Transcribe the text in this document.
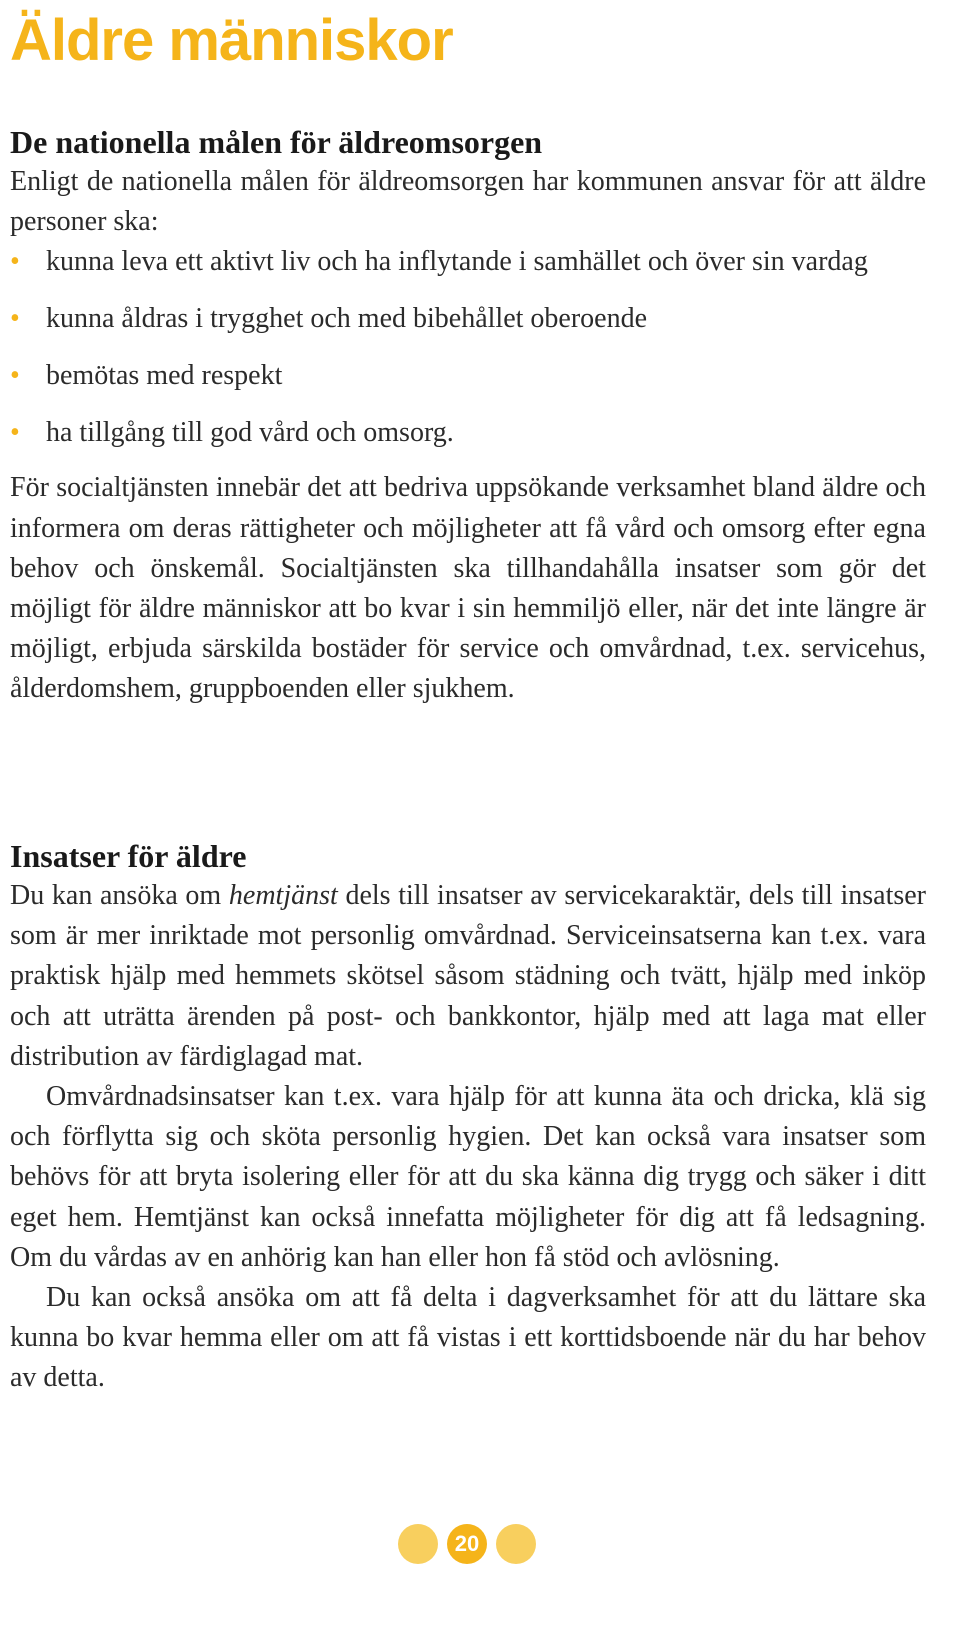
Äldre människor
De nationella målen för äldreomsorgen

Enligt de nationella målen för äldreomsorgen har kommunen ansvar för att äldre personer ska:

• kunna leva ett aktivt liv och ha inflytande i samhället och över sin vardag
• kunna åldras i trygghet och med bibehållet oberoende
• bemötas med respekt
• ha tillgång till god vård och omsorg.

För socialtjänsten innebär det att bedriva uppsökande verksamhet bland äldre och informera om deras rättigheter och möjligheter att få vård och omsorg efter egna behov och önskemål. Socialtjänsten ska tillhandahålla insatser som gör det möjligt för äldre människor att bo kvar i sin hemmiljö eller, när det inte längre är möjligt, erbjuda särskilda bostäder för service och omvårdnad, t.ex. servicehus, ålderdomshem, gruppboenden eller sjukhem.

Insatser för äldre

Du kan ansöka om hemtjänst dels till insatser av servicekaraktär, dels till insatser som är mer inriktade mot personlig omvårdnad. Serviceinsatserna kan t.ex. vara praktisk hjälp med hemmets skötsel såsom städning och tvätt, hjälp med inköp och att uträtta ärenden på post- och bankkontor, hjälp med att laga mat eller distribution av färdiglagad mat.

Omvårdnadsinsatser kan t.ex. vara hjälp för att kunna äta och dricka, klä sig och förflytta sig och sköta personlig hygien. Det kan också vara insatser som behövs för att bryta isolering eller för att du ska känna dig trygg och säker i ditt eget hem. Hemtjänst kan också innefatta möjligheter för dig att få ledsagning. Om du vårdas av en anhörig kan han eller hon få stöd och avlösning.

Du kan också ansöka om att få delta i dagverksamhet för att du lättare ska kunna bo kvar hemma eller om att få vistas i ett korttidsboende när du har behov av detta.

20
